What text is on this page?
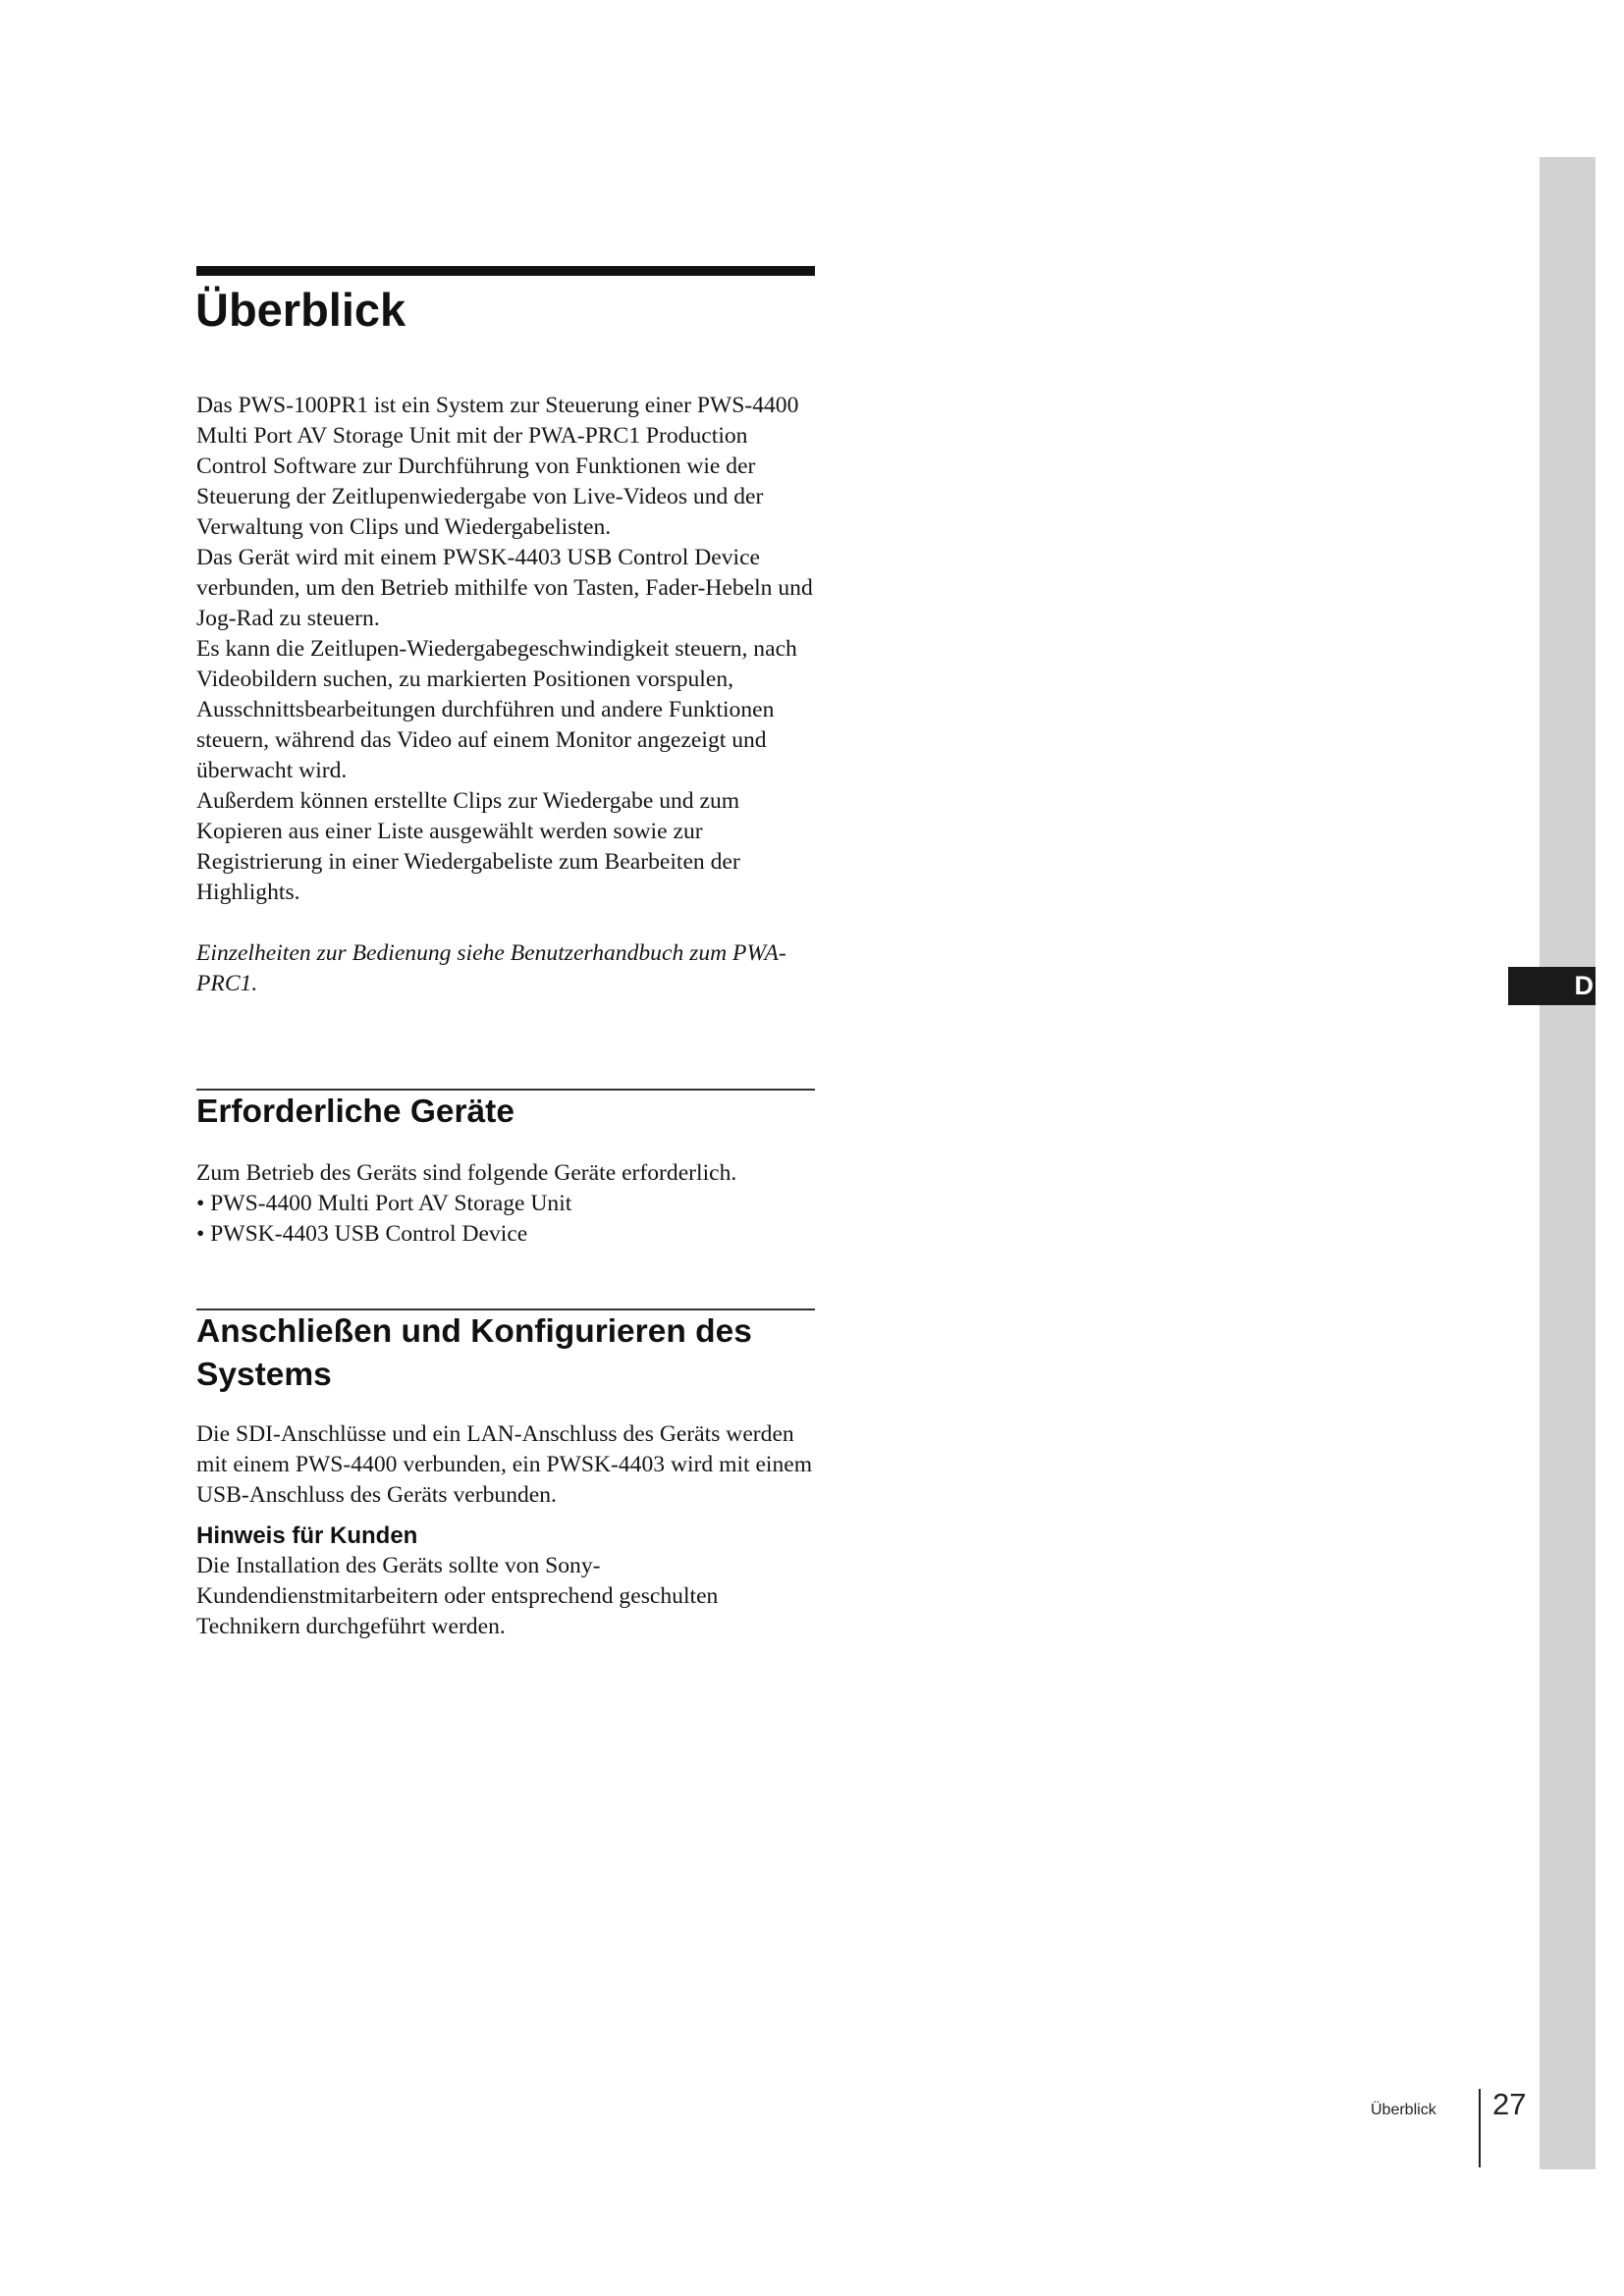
D
Überblick

Das PWS-100PR1 ist ein System zur Steuerung einer PWS-4400 Multi Port AV Storage Unit mit der PWA-PRC1 Production Control Software zur Durchführung von Funktionen wie der Steuerung der Zeitlupenwiedergabe von Live-Videos und der Verwaltung von Clips und Wiedergabelisten.

Das Gerät wird mit einem PWSK-4403 USB Control Device verbunden, um den Betrieb mithilfe von Tasten, Fader-Hebeln und Jog-Rad zu steuern.

Es kann die Zeitlupen-Wiedergabegeschwindigkeit steuern, nach Videobildern suchen, zu markierten Positionen vorspulen, Ausschnittsbearbeitungen durchführen und andere Funktionen steuern, während das Video auf einem Monitor angezeigt und überwacht wird.

Außerdem können erstellte Clips zur Wiedergabe und zum Kopieren aus einer Liste ausgewählt werden sowie zur Registrierung in einer Wiedergabeliste zum Bearbeiten der Highlights.

Einzelheiten zur Bedienung siehe Benutzerhandbuch zum PWA-PRC1.

Erforderliche Geräte

Zum Betrieb des Geräts sind folgende Geräte erforderlich.

• PWS-4400 Multi Port AV Storage Unit
• PWSK-4403 USB Control Device
Anschließen und Konfigurieren des Systems

Die SDI-Anschlüsse und ein LAN-Anschluss des Geräts werden mit einem PWS-4400 verbunden, ein PWSK-4403 wird mit einem USB-Anschluss des Geräts verbunden.

Hinweis für Kunden

Die Installation des Geräts sollte von Sony-Kundendienstmitarbeitern oder entsprechend geschulten Technikern durchgeführt werden.

Überblick 27
